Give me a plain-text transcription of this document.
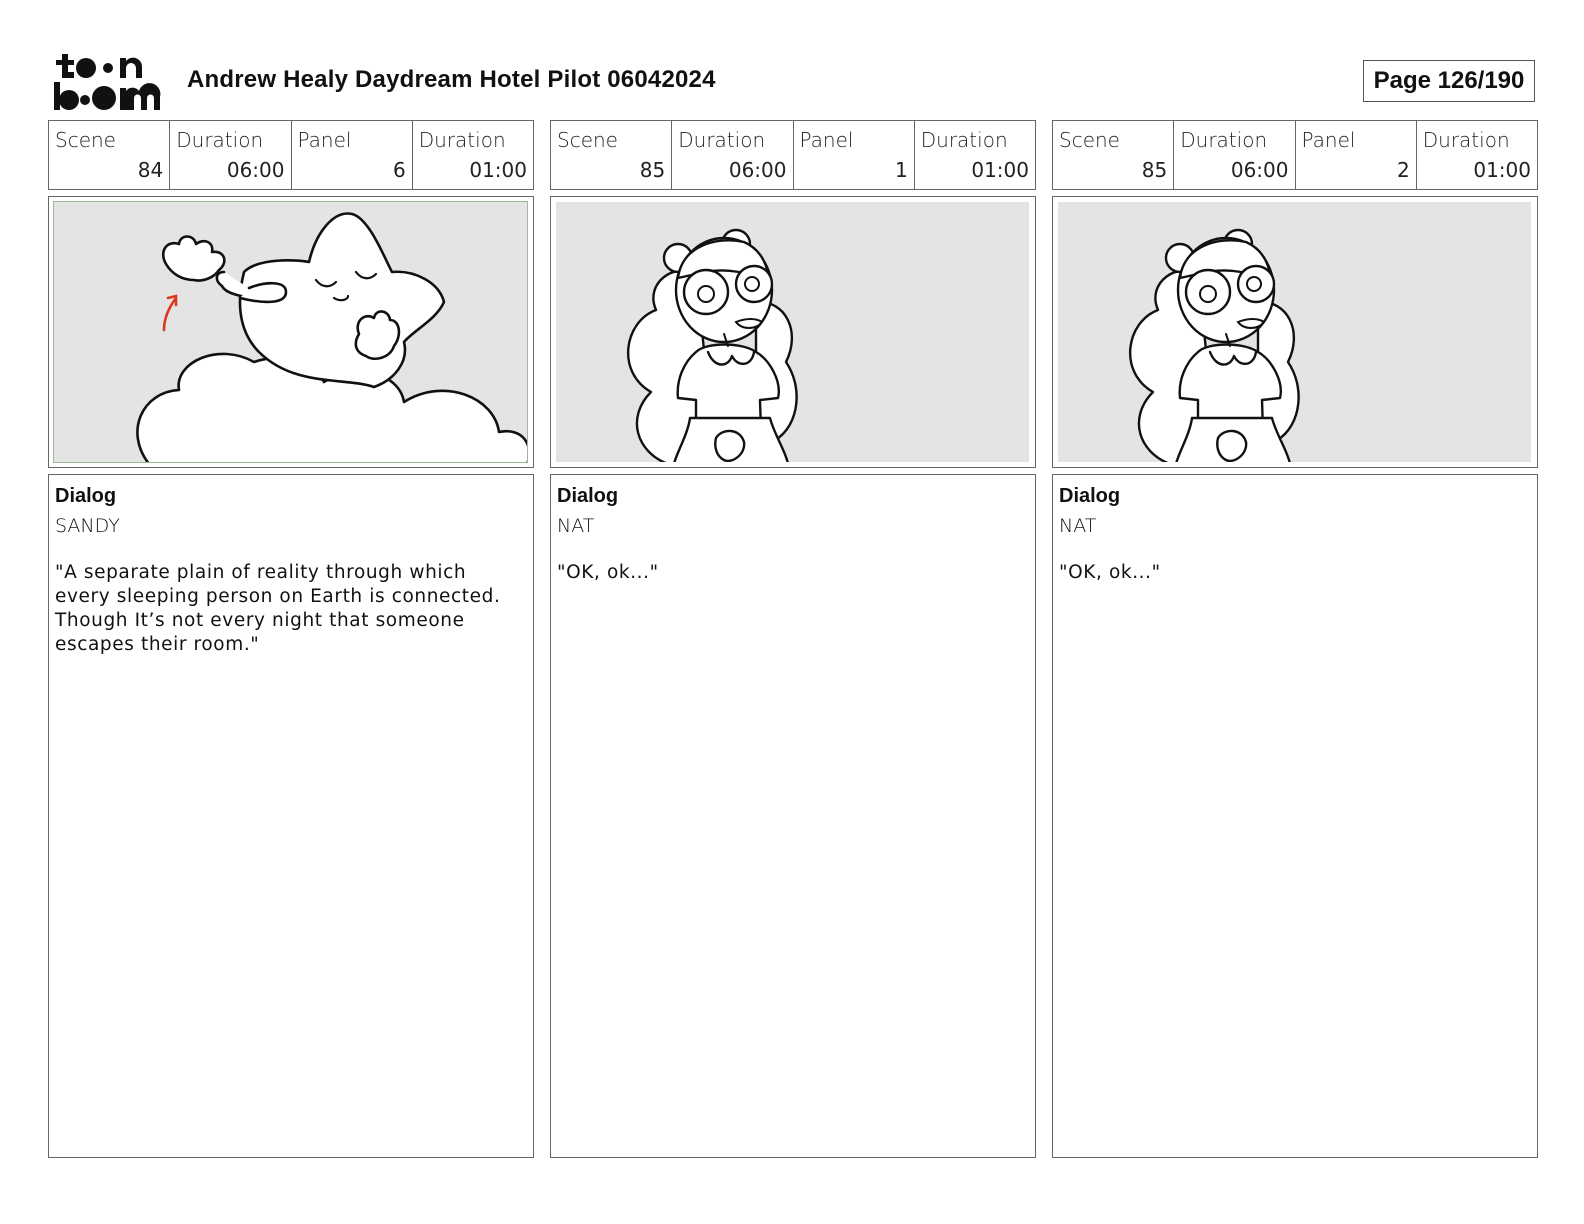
Andrew Healy Daydream Hotel Pilot 06042024	Page 126/190
Scene
84
Duration
06:00
Panel
6
Duration
01:00
Dialog
SANDY
"A separate plain of reality through which every sleeping person on Earth is connected. Though It’s not every night that someone escapes their room."
Scene
85
Duration
06:00
Panel
1
Duration
01:00
Dialog
NAT
"OK, ok..."
Scene
85
Duration
06:00
Panel
2
Duration
01:00
Dialog
NAT
"OK, ok..."
